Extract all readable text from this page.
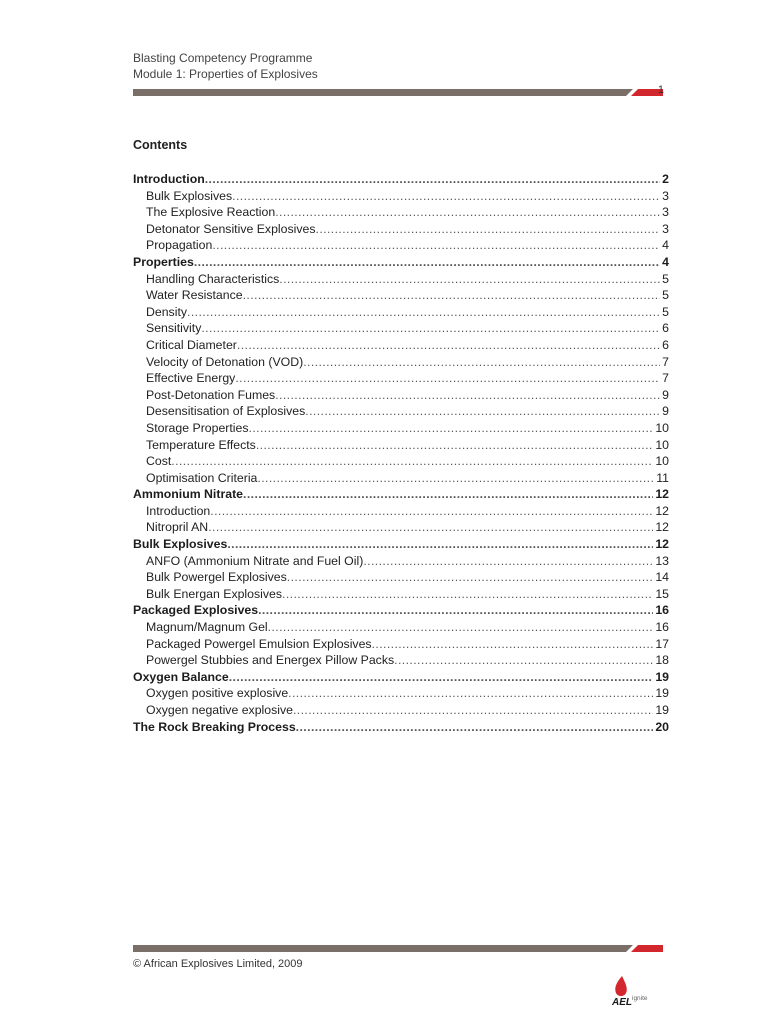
Blasting Competency Programme
Module 1: Properties of Explosives
1
Contents
Introduction .....	2
Bulk Explosives .....	3
The Explosive Reaction .....	3
Detonator Sensitive Explosives .....	3
Propagation .....	4
Properties .....	4
Handling Characteristics .....	5
Water Resistance .....	5
Density .....	5
Sensitivity .....	6
Critical Diameter .....	6
Velocity of Detonation (VOD) .....	7
Effective Energy .....	7
Post-Detonation Fumes .....	9
Desensitisation of Explosives .....	9
Storage Properties .....	10
Temperature Effects .....	10
Cost .....	10
Optimisation Criteria .....	11
Ammonium Nitrate .....	12
Introduction .....	12
Nitropril AN .....	12
Bulk Explosives .....	12
ANFO (Ammonium Nitrate and Fuel Oil) .....	13
Bulk Powergel Explosives .....	14
Bulk Energan Explosives .....	15
Packaged Explosives .....	16
Magnum/Magnum Gel .....	16
Packaged Powergel Emulsion Explosives .....	17
Powergel Stubbies and Energex Pillow Packs .....	18
Oxygen Balance .....	19
Oxygen positive explosive .....	19
Oxygen negative explosive .....	19
The Rock Breaking Process .....	20
© African Explosives Limited, 2009
AEL ignite
